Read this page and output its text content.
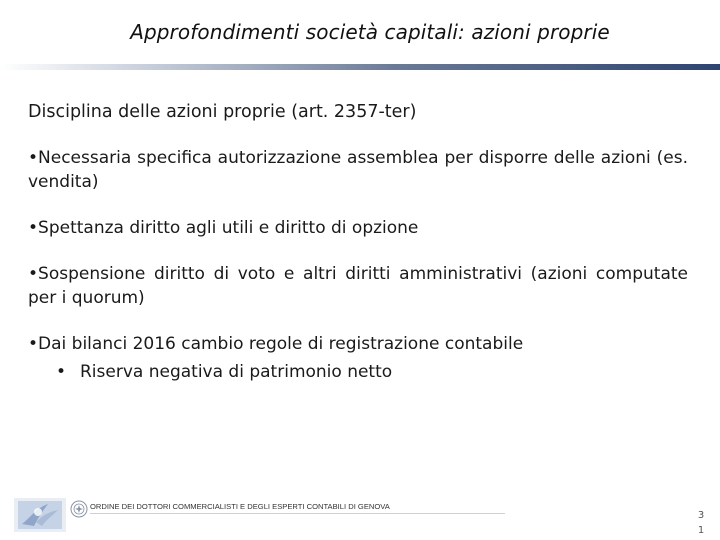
Approfondimenti società capitali: azioni proprie
Disciplina delle azioni proprie (art. 2357-ter)
•Necessaria specifica autorizzazione assemblea per disporre delle azioni (es. vendita)
•Spettanza diritto agli utili e diritto di opzione
•Sospensione diritto di voto e altri diritti amministrativi (azioni computate per i quorum)
•Dai bilanci 2016 cambio regole di registrazione contabile
• Riserva negativa di patrimonio netto
ORDINE DEI DOTTORI COMMERCIALISTI E DEGLI ESPERTI CONTABILI DI GENOVA
3
1
